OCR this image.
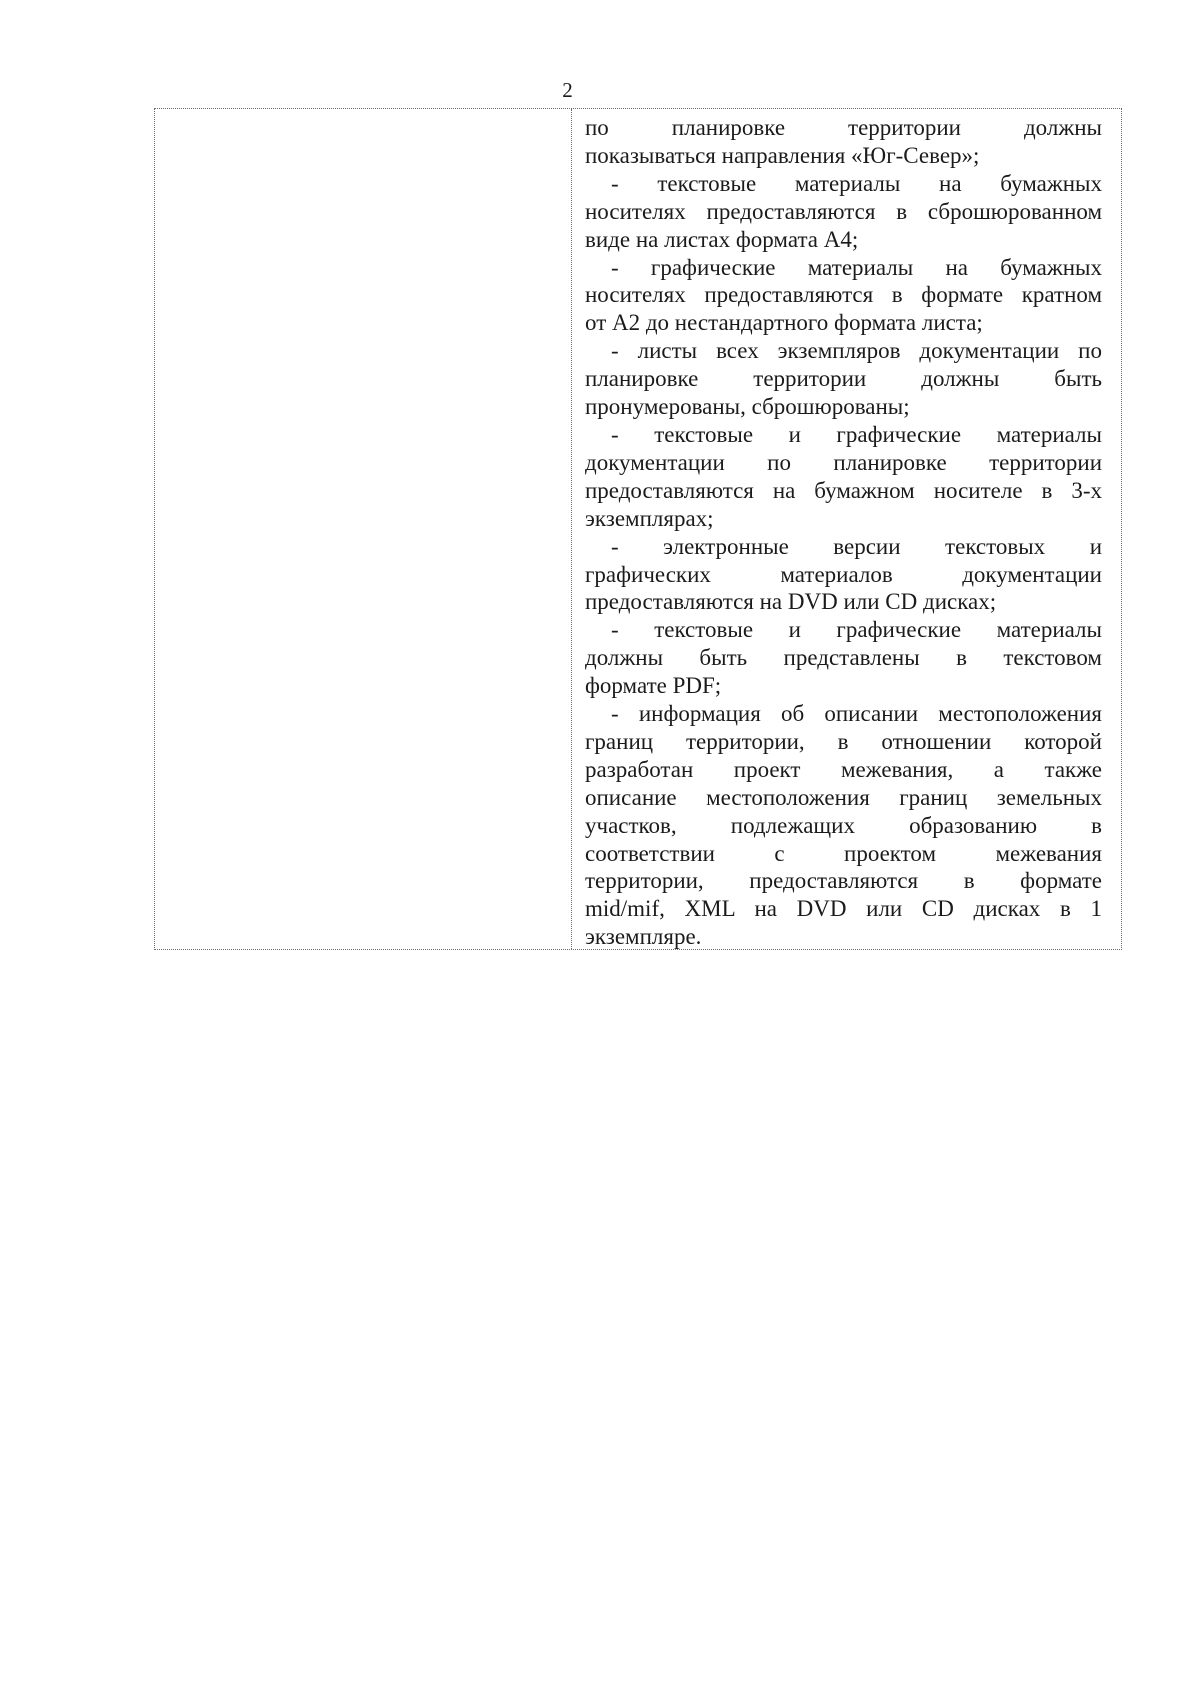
2
по планировке территории должны
показываться направления «Юг-Север»;
- текстовые материалы на бумажных
носителях предоставляются в сброшюрованном
виде на листах формата А4;
- графические материалы на бумажных
носителях предоставляются в формате кратном
от А2 до нестандартного формата листа;
- листы всех экземпляров документации по
планировке территории должны быть
пронумерованы, сброшюрованы;
- текстовые и графические материалы
документации по планировке территории
предоставляются на бумажном носителе в 3-х
экземплярах;
- электронные версии текстовых и
графических материалов документации
предоставляются на DVD или CD дисках;
- текстовые и графические материалы
должны быть представлены в текстовом
формате PDF;
- информация об описании местоположения
границ территории, в отношении которой
разработан проект межевания, а также
описание местоположения границ земельных
участков, подлежащих образованию в
соответствии с проектом межевания
территории, предоставляются в формате
mid/mif, XML на DVD или CD дисках в 1
экземпляре.
